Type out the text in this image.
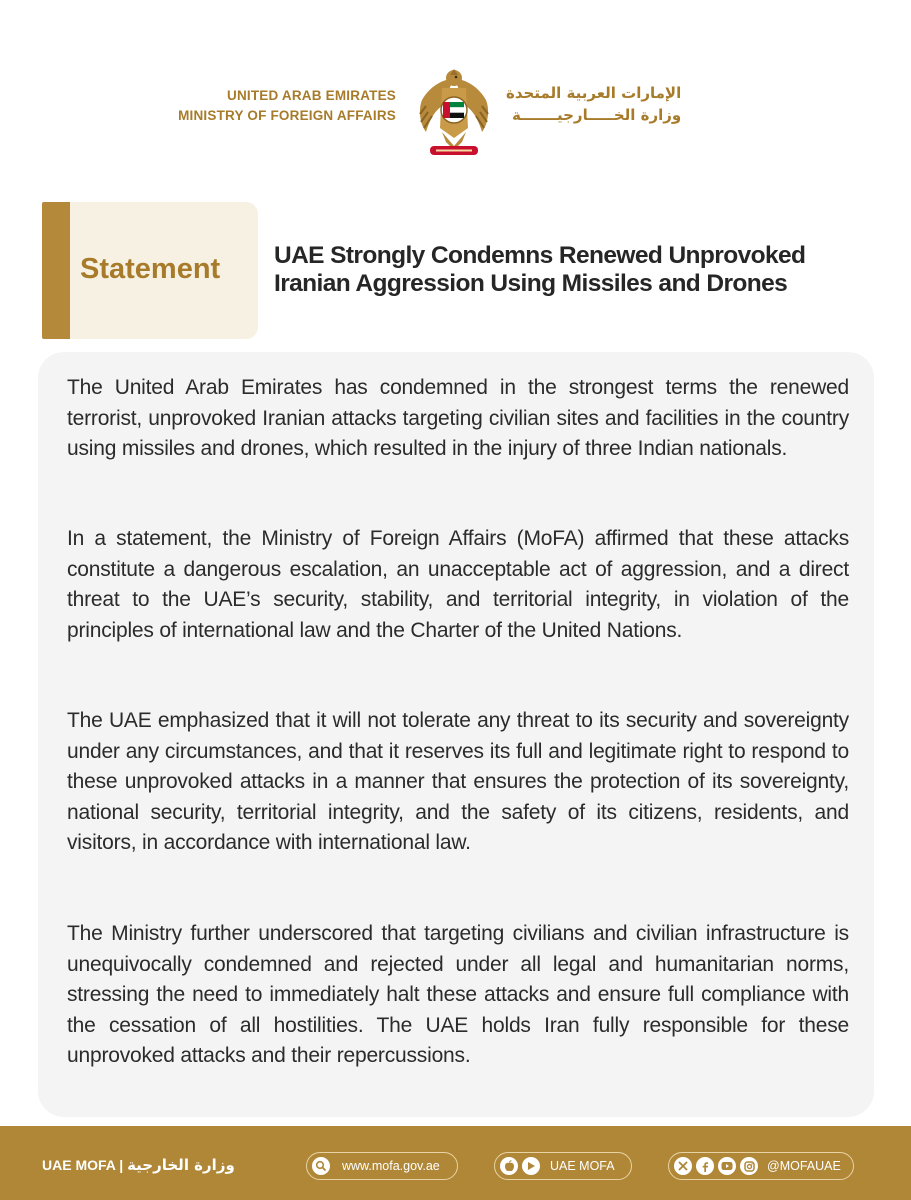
UNITED ARAB EMIRATES
MINISTRY OF FOREIGN AFFAIRS
الإمارات العربية المتحدة
وزارة الخـــــارجيـــــــة
Statement UAE Strongly Condemns Renewed Unprovoked
Iranian Aggression Using Missiles and Drones

The United Arab Emirates has condemned in the strongest terms the renewed terrorist, unprovoked Iranian attacks targeting civilian sites and facilities in the country using missiles and drones, which resulted in the injury of three Indian nationals.

In a statement, the Ministry of Foreign Affairs (MoFA) affirmed that these attacks constitute a dangerous escalation, an unacceptable act of aggression, and a direct threat to the UAE’s security, stability, and territorial integrity, in violation of the principles of international law and the Charter of the United Nations.

The UAE emphasized that it will not tolerate any threat to its security and sovereignty under any circumstances, and that it reserves its full and legitimate right to respond to these unprovoked attacks in a manner that ensures the protection of its sovereignty, national security, territorial integrity, and the safety of its citizens, residents, and visitors, in accordance with international law.

The Ministry further underscored that targeting civilians and civilian infrastructure is unequivocally condemned and rejected under all legal and humanitarian norms, stressing the need to immediately halt these attacks and ensure full compliance with the cessation of all hostilities. The UAE holds Iran fully responsible for these unprovoked attacks and their repercussions.

UAE MOFA | وزارة الخارجية	www.mofa.gov.ae	UAE MOFA	@MOFAUAE
